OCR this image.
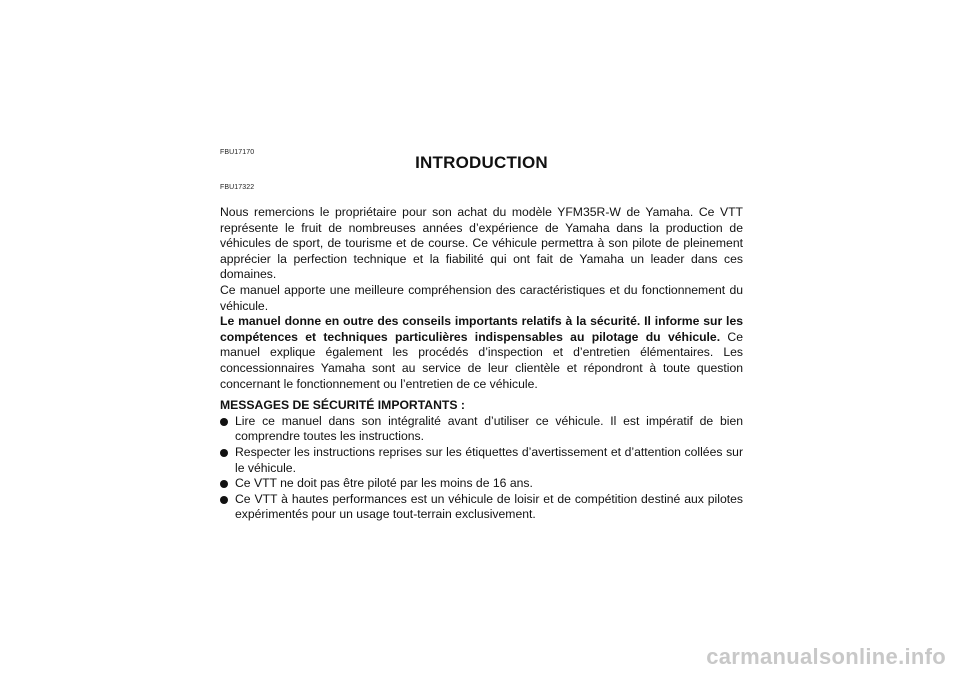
FBU17170
INTRODUCTION
FBU17322

Nous remercions le propriétaire pour son achat du modèle YFM35R-W de Yamaha. Ce VTT représente le fruit de nombreuses années d’expérience de Yamaha dans la production de véhicules de sport, de tourisme et de course. Ce véhicule permettra à son pilote de pleinement apprécier la perfection technique et la fiabilité qui ont fait de Yamaha un leader dans ces domaines.

Ce manuel apporte une meilleure compréhension des caractéristiques et du fonctionnement du véhicule.

Le manuel donne en outre des conseils importants relatifs à la sécurité. Il informe sur les compétences et techniques particulières indispensables au pilotage du véhicule. Ce manuel explique également les procédés d’inspection et d’entretien élémentaires. Les concessionnaires Yamaha sont au service de leur clientèle et répondront à toute question concernant le fonctionnement ou l’entretien de ce véhicule.

MESSAGES DE SÉCURITÉ IMPORTANTS :

Lire ce manuel dans son intégralité avant d’utiliser ce véhicule. Il est impératif de bien comprendre toutes les instructions.
Respecter les instructions reprises sur les étiquettes d’avertissement et d’attention collées sur le véhicule.
Ce VTT ne doit pas être piloté par les moins de 16 ans.
Ce VTT à hautes performances est un véhicule de loisir et de compétition destiné aux pilotes expérimentés pour un usage tout-terrain exclusivement.
carmanualsonline.info
